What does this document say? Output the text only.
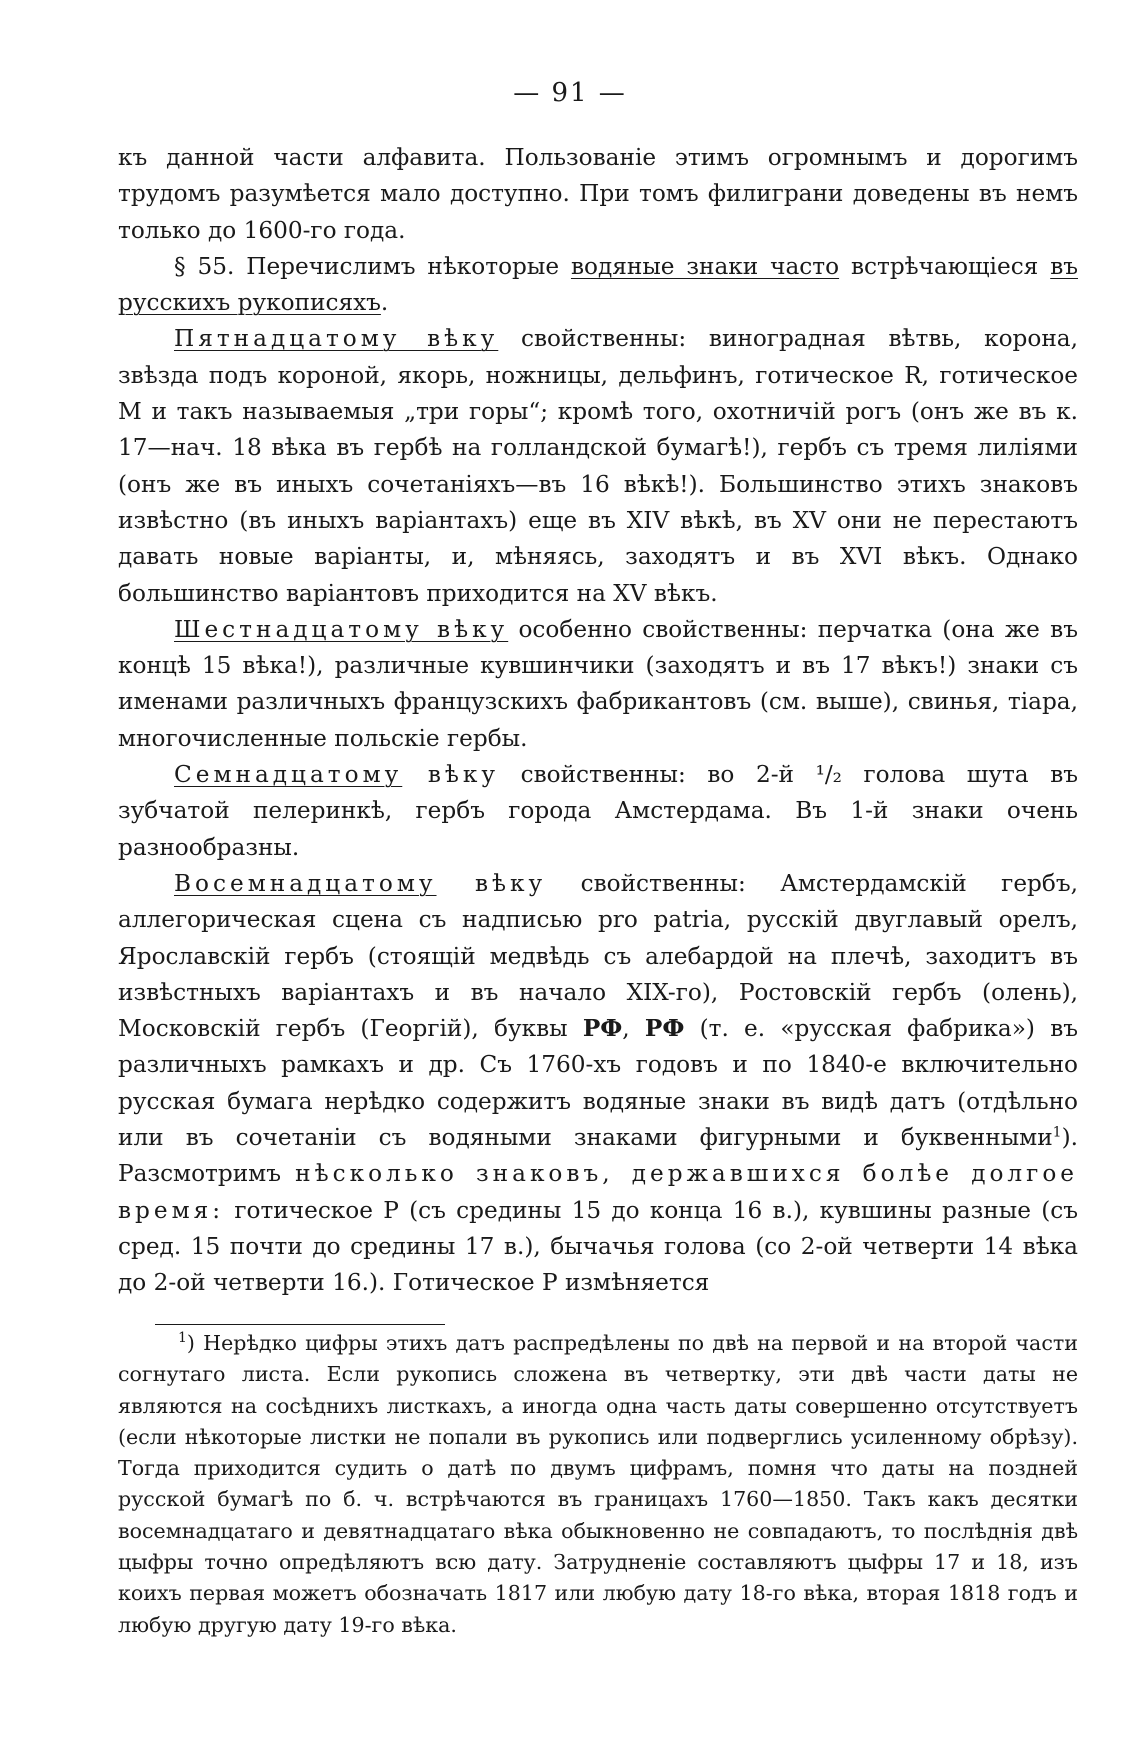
— 91 —

къ данной части алфавита. Пользованіе этимъ огромнымъ и дорогимъ трудомъ разумѣется мало доступно. При томъ филиграни доведены въ немъ только до 1600-го года.

§ 55. Перечислимъ нѣкоторые водяные знаки часто встрѣчающіеся въ русскихъ рукописяхъ.

Пятнадцатому вѣку свойственны: виноградная вѣтвь, корона, звѣзда подъ короной, якорь, ножницы, дельфинъ, готическое R, готическое M и такъ называемыя „три горы“; кромѣ того, охотничій рогъ (онъ же въ к. 17—нач. 18 вѣка въ гербѣ на голландской бумагѣ!), гербъ съ тремя лиліями (онъ же въ иныхъ сочетаніяхъ—въ 16 вѣкѣ!). Большинство этихъ знаковъ извѣстно (въ иныхъ варіантахъ) еще въ XIV вѣкѣ, въ XV они не перестаютъ давать новые варіанты, и, мѣняясь, заходятъ и въ XVI вѣкъ. Однако большинство варіантовъ приходится на XV вѣкъ.

Шестнадцатому вѣку особенно свойственны: перчатка (она же въ концѣ 15 вѣка!), различные кувшинчики (заходятъ и въ 17 вѣкъ!) знаки съ именами различныхъ французскихъ фабрикантовъ (см. выше), свинья, тіара, многочисленные польскіе гербы.

Семнадцатому вѣку свойственны: во 2-й ¹/₂ голова шута въ зубчатой пелеринкѣ, гербъ города Амстердама. Въ 1-й знаки очень разнообразны.

Восемнадцатому вѣку свойственны: Амстердамскій гербъ, аллегорическая сцена съ надписью pro patria, русскій двуглавый орелъ, Ярославскій гербъ (стоящій медвѣдь съ алебардой на плечѣ, заходитъ въ извѣстныхъ варіантахъ и въ начало XIX-го), Ростовскій гербъ (олень), Московскій гербъ (Георгій), буквы РФ, РФ (т. е. «русская фабрика») въ различныхъ рамкахъ и др. Съ 1760-хъ годовъ и по 1840-е включительно русская бумага нерѣдко содержитъ водяные знаки въ видѣ датъ (отдѣльно или въ сочетаніи съ водяными знаками фигурными и буквенными$^1$). Разсмотримъ нѣсколько знаковъ, державшихся болѣе долгое время: готическое P (съ средины 15 до конца 16 в.), кувшины разные (съ сред. 15 почти до средины 17 в.), бычачья голова (со 2-ой четверти 14 вѣка до 2-ой четверти 16.). Готическое P измѣняется

$^1$) Нерѣдко цифры этихъ датъ распредѣлены по двѣ на первой и на второй части согнутаго листа. Если рукопись сложена въ четвертку, эти двѣ части даты не являются на сосѣднихъ листкахъ, а иногда одна часть даты совершенно отсутствуетъ (если нѣкоторые листки не попали въ рукопись или подверглись усиленному обрѣзу). Тогда приходится судить о датѣ по двумъ цифрамъ, помня что даты на поздней русской бумагѣ по б. ч. встрѣчаются въ границахъ 1760—1850. Такъ какъ десятки восемнадцатаго и девятнадцатаго вѣка обыкновенно не совпадаютъ, то послѣднія двѣ цыфры точно опредѣляютъ всю дату. Затрудненіе составляютъ цыфры 17 и 18, изъ коихъ первая можетъ обозначать 1817 или любую дату 18-го вѣка, вторая 1818 годъ и любую другую дату 19-го вѣка.
